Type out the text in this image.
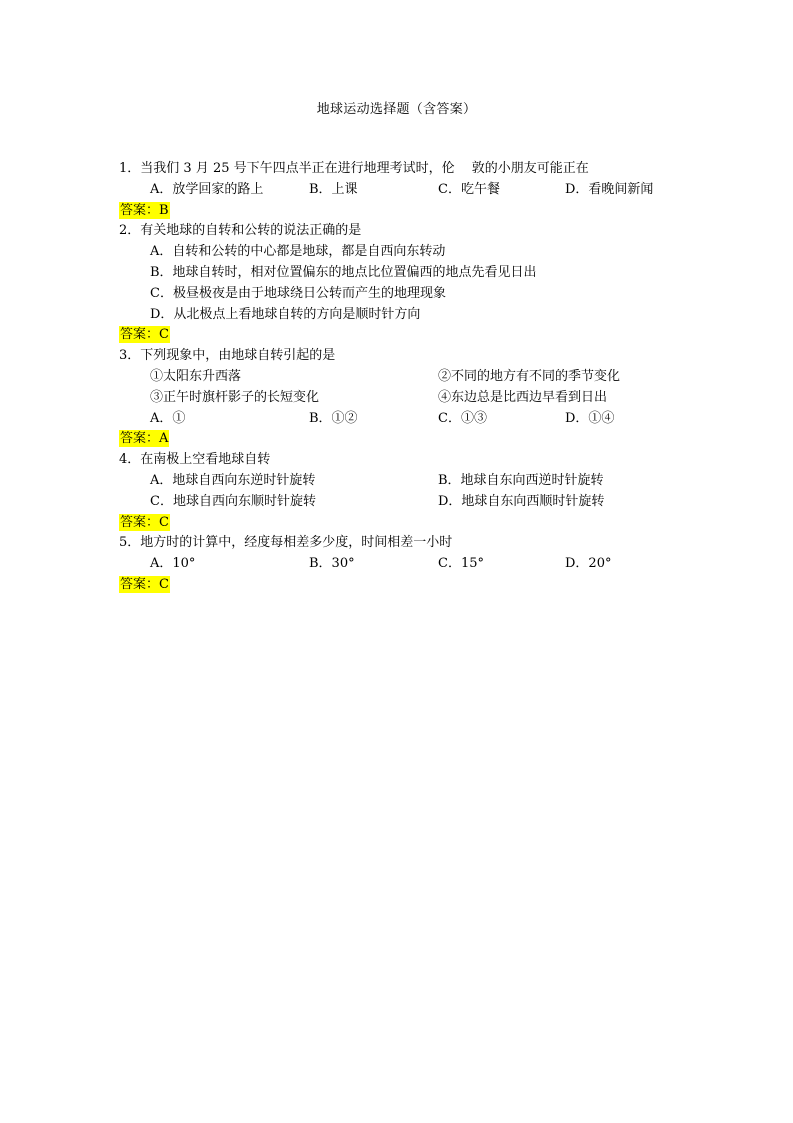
地球运动选择题（含答案）
1．当我们 3 月 25 号下午四点半正在进行地理考试时，伦　 敦的小朋友可能正在
A．放学回家的路上	B．上课	C．吃午餐	D．看晚间新闻
答案：B
2．有关地球的自转和公转的说法正确的是
A．自转和公转的中心都是地球，都是自西向东转动
B．地球自转时，相对位置偏东的地点比位置偏西的地点先看见日出
C．极昼极夜是由于地球绕日公转而产生的地理现象
D．从北极点上看地球自转的方向是顺时针方向
答案：C
3．下列现象中，由地球自转引起的是
①太阳东升西落	②不同的地方有不同的季节变化
③正午时旗杆影子的长短变化	④东边总是比西边早看到日出
A．①	B．①②	C．①③	D．①④
答案：A
4．在南极上空看地球自转
A．地球自西向东逆时针旋转	B．地球自东向西逆时针旋转
C．地球自西向东顺时针旋转	D．地球自东向西顺时针旋转
答案：C
5．地方时的计算中，经度每相差多少度，时间相差一小时
A．10°	B．30°	C．15°	D．20°
答案：C
